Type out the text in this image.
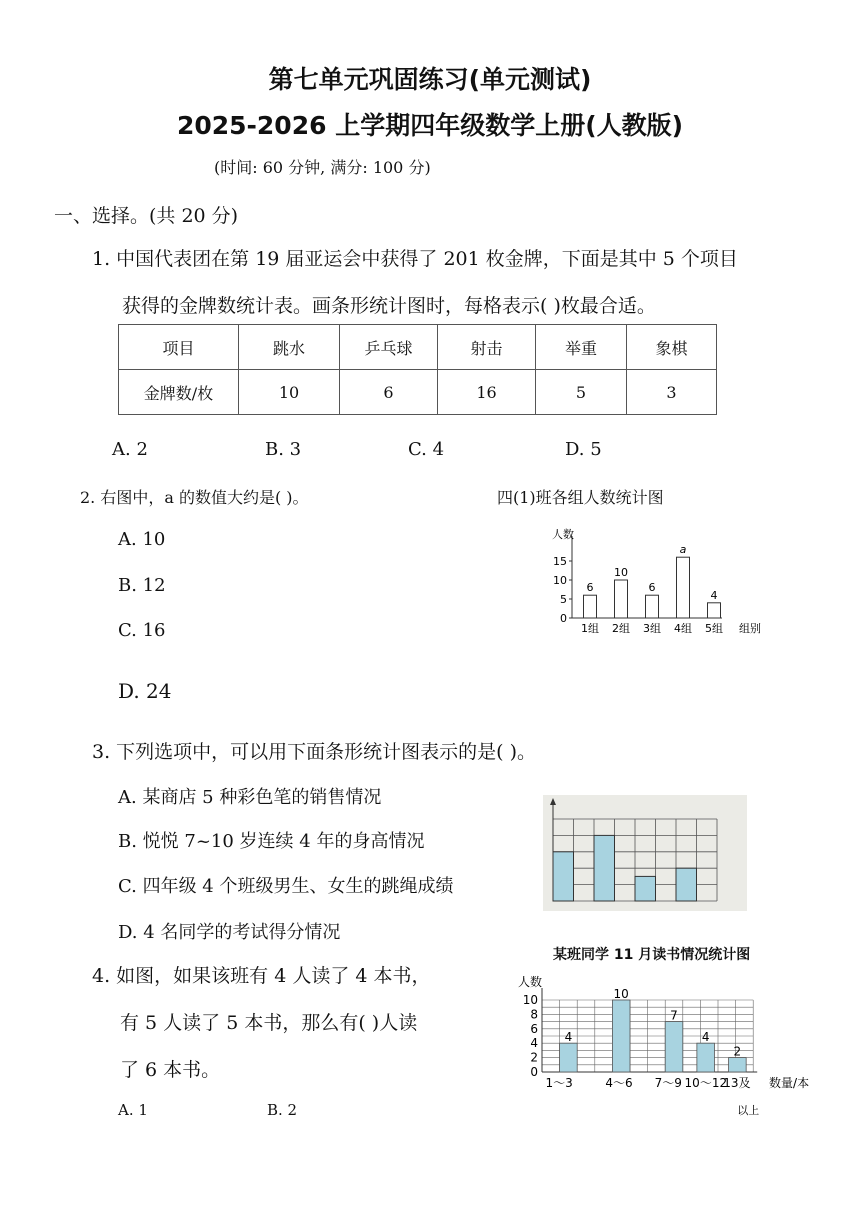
第七单元巩固练习(单元测试)
2025-2026 上学期四年级数学上册(人教版)
(时间: 60 分钟, 满分: 100 分)
一、选择。(共 20 分)
1. 中国代表团在第 19 届亚运会中获得了 201 枚金牌，下面是其中 5 个项目
获得的金牌数统计表。画条形统计图时，每格表示( )枚最合适。
项目	跳水	乒乓球	射击	举重	象棋
金牌数/枚	10	6	16	5	3
A. 2	B. 3	C. 4	D. 5
2. 右图中，a 的数值大约是( )。	四(1)班各组人数统计图
A. 10
B. 12
C. 16
D. 24
人数
0
5
10
15
6
1组
10
2组
6
3组
a
4组
4
5组 组别
3. 下列选项中，可以用下面条形统计图表示的是( )。
A. 某商店 5 种彩色笔的销售情况
B. 悦悦 7~10 岁连续 4 年的身高情况
C. 四年级 4 个班级男生、女生的跳绳成绩
D. 4 名同学的考试得分情况
4. 如图，如果该班有 4 人读了 4 本书，
有 5 人读了 5 本书，那么有( )人读
了 6 本书。
A. 1	B. 2
某班同学 11 月读书情况统计图
人数
0
2
4
6
8
10
4
10
7
4
2
1～3	4～6 7～9 10～12
13及
以上
数量/本
